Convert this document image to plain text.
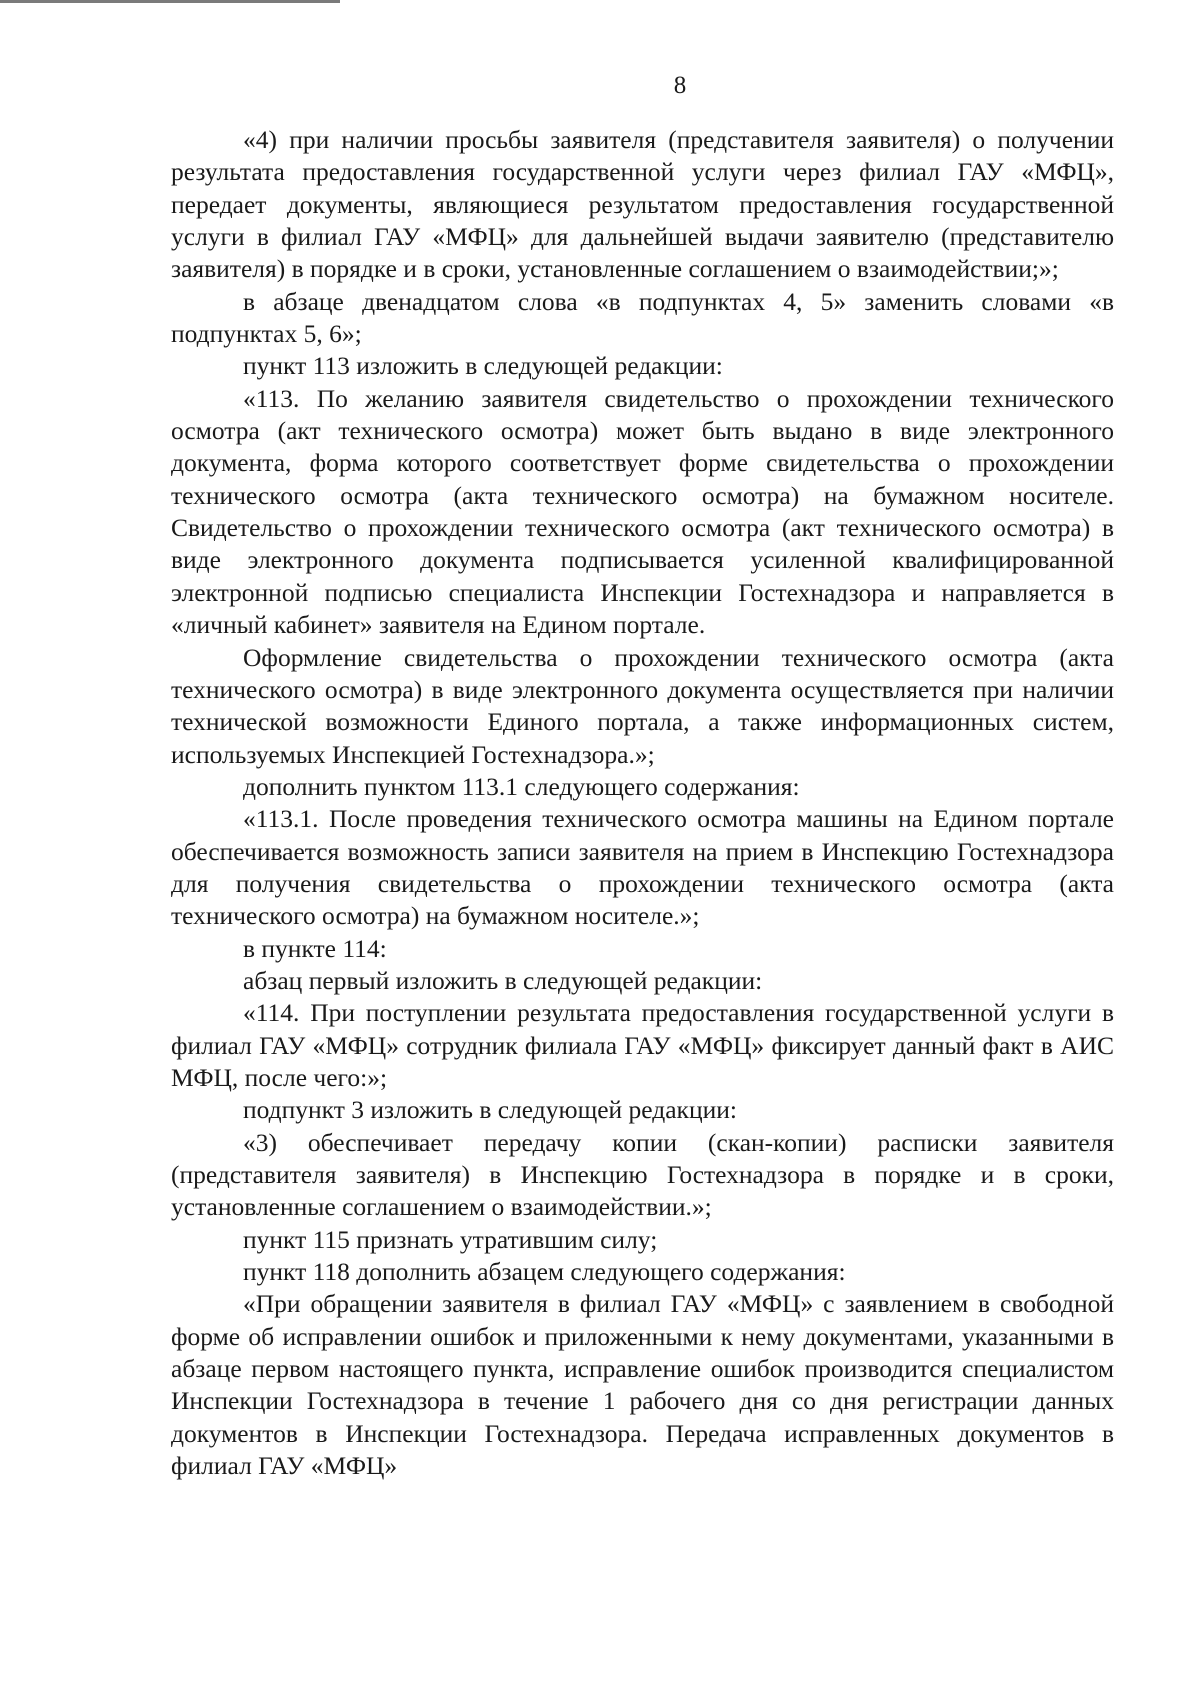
8

«4) при наличии просьбы заявителя (представителя заявителя) о получении результата предоставления государственной услуги через филиал ГАУ «МФЦ», передает документы, являющиеся результатом предоставления государственной услуги в филиал ГАУ «МФЦ» для дальнейшей выдачи заявителю (представителю заявителя) в порядке и в сроки, установленные соглашением о взаимодействии;»;

в абзаце двенадцатом слова «в подпунктах 4, 5» заменить словами «в подпунктах 5, 6»;

пункт 113 изложить в следующей редакции:

«113. По желанию заявителя свидетельство о прохождении технического осмотра (акт технического осмотра) может быть выдано в виде электронного документа, форма которого соответствует форме свидетельства о прохождении технического осмотра (акта технического осмотра) на бумажном носителе. Свидетельство о прохождении технического осмотра (акт технического осмотра) в виде электронного документа подписывается усиленной квалифицированной электронной подписью специалиста Инспекции Гостехнадзора и направляется в «личный кабинет» заявителя на Едином портале.

Оформление свидетельства о прохождении технического осмотра (акта технического осмотра) в виде электронного документа осуществляется при наличии технической возможности Единого портала, а также информационных систем, используемых Инспекцией Гостехнадзора.»;

дополнить пунктом 113.1 следующего содержания:

«113.1. После проведения технического осмотра машины на Едином портале обеспечивается возможность записи заявителя на прием в Инспекцию Гостехнадзора для получения свидетельства о прохождении технического осмотра (акта технического осмотра) на бумажном носителе.»;

в пункте 114:

абзац первый изложить в следующей редакции:

«114. При поступлении результата предоставления государственной услуги в филиал ГАУ «МФЦ» сотрудник филиала ГАУ «МФЦ» фиксирует данный факт в АИС МФЦ, после чего:»;

подпункт 3 изложить в следующей редакции:

«3) обеспечивает передачу копии (скан-копии) расписки заявителя (представителя заявителя) в Инспекцию Гостехнадзора в порядке и в сроки, установленные соглашением о взаимодействии.»;

пункт 115 признать утратившим силу;

пункт 118 дополнить абзацем следующего содержания:

«При обращении заявителя в филиал ГАУ «МФЦ» с заявлением в свободной форме об исправлении ошибок и приложенными к нему документами, указанными в абзаце первом настоящего пункта, исправление ошибок производится специалистом Инспекции Гостехнадзора в течение 1 рабочего дня со дня регистрации данных документов в Инспекции Гостехнадзора. Передача исправленных документов в филиал ГАУ «МФЦ»
